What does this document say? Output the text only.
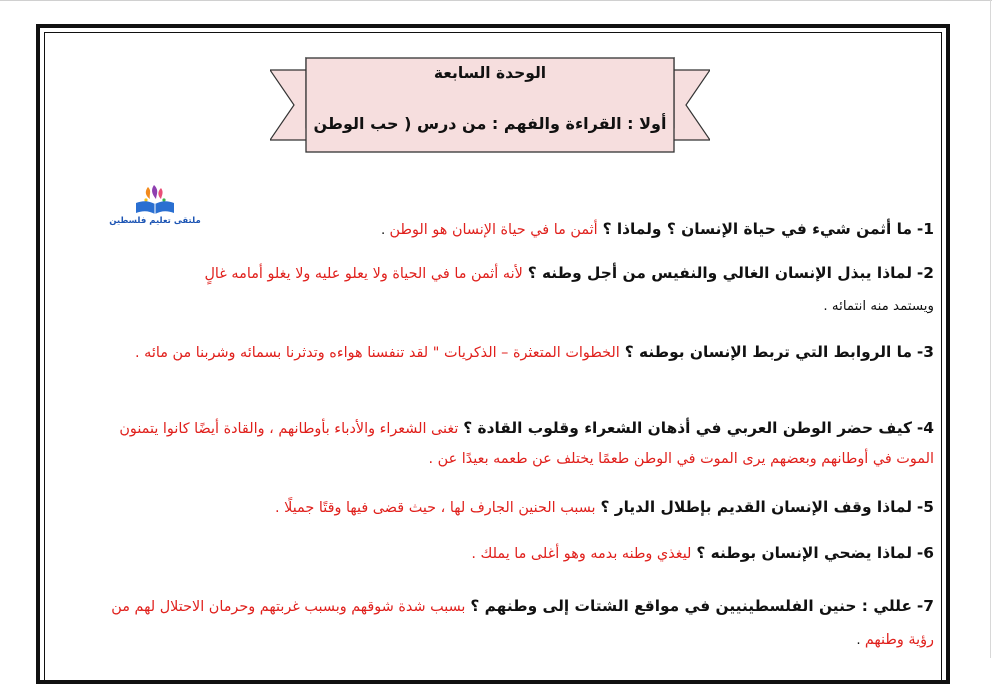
الوحدة السابعة
أولا : القراءة والفهم : من درس ( حب الوطن
ملتقى تعليم فلسطين	1- ما أثمن شيء في حياة الإنسان ؟ ولماذا ؟ أثمن ما في حياة الإنسان هو الوطن .
2- لماذا يبذل الإنسان الغالي والنفيس من أجل وطنه ؟ لأنه أثمن ما في الحياة ولا يعلو عليه ولا يغلو أمامه غالٍ
ويستمد منه انتمائه .
3- ما الروابط التي تربط الإنسان بوطنه ؟ الخطوات المتعثرة – الذكريات " لقد تنفسنا هواءه وتدثرنا بسمائه وشربنا من مائه .
4- كيف حضر الوطن العربي في أذهان الشعراء وقلوب القادة ؟ تغنى الشعراء والأدباء بأوطانهم ، والقادة أيضًا كانوا يتمنون الموت في أوطانهم وبعضهم يرى الموت في الوطن طعمًا يختلف عن طعمه بعيدًا عن .
5- لماذا وقف الإنسان القديم بإطلال الديار ؟ بسبب الحنين الجارف لها ، حيث قضى فيها وقتًا جميلًا .
6- لماذا يضحي الإنسان بوطنه ؟ ليغذي وطنه بدمه وهو أغلى ما يملك .
7- عللي : حنين الفلسطينيين في مواقع الشتات إلى وطنهم ؟ بسبب شدة شوقهم وبسبب غربتهم وحرمان الاحتلال لهم من رؤية وطنهم .
